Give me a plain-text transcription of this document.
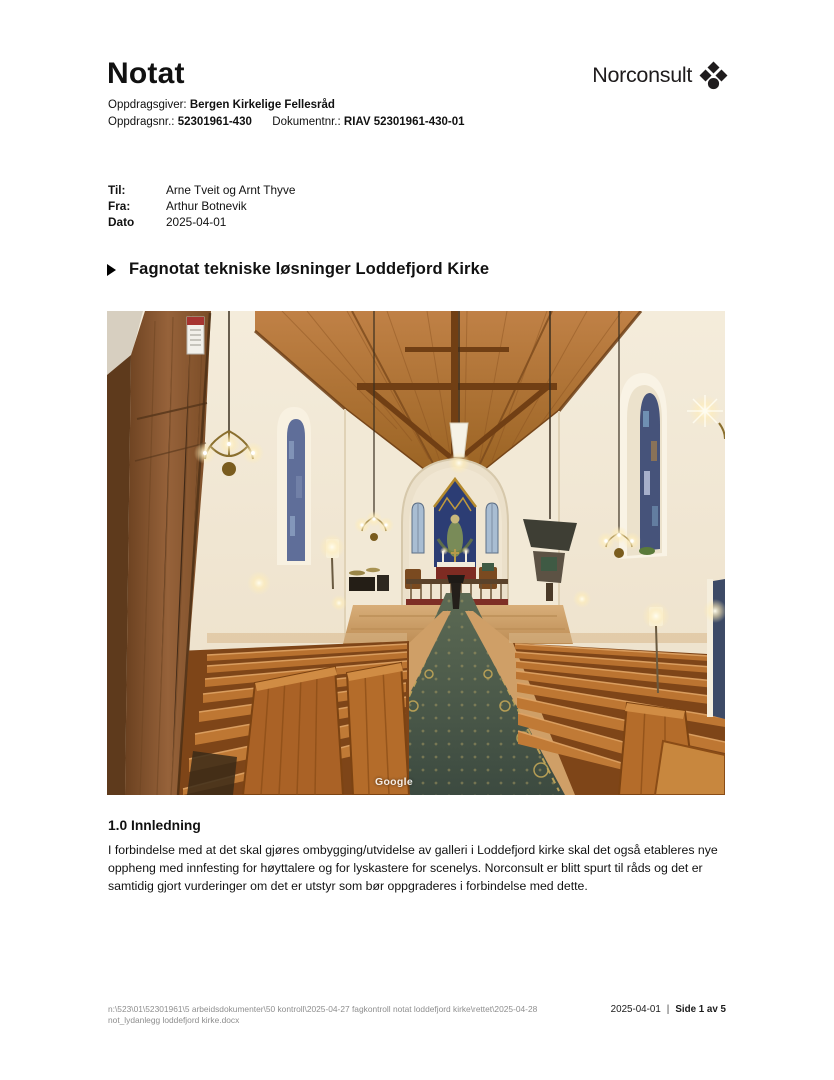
Notat
Oppdragsgiver: Bergen Kirkelige Fellesråd
Oppdragsnr.: 52301961-430 Dokumentnr.: RIAV 52301961-430-01
Norconsult
Til:	Arne Tveit og Arnt Thyve
Fra:	Arthur Botnevik
Dato	2025-04-01
Fagnotat tekniske løsninger Loddefjord Kirke
Google
1.0 Innledning
I forbindelse med at det skal gjøres ombygging/utvidelse av galleri i Loddefjord kirke skal det også etableres nye oppheng med innfesting for høyttalere og for lyskastere for scenelys. Norconsult er blitt spurt til råds og det er samtidig gjort vurderinger om det er utstyr som bør oppgraderes i forbindelse med dette.
n:\523\01\52301961\5 arbeidsdokumenter\50 kontroll\2025-04-27 fagkontroll notat loddefjord kirke\rettet\2025-04-28
not_lydanlegg loddefjord kirke.docx
2025-04-01 | Side 1 av 5
